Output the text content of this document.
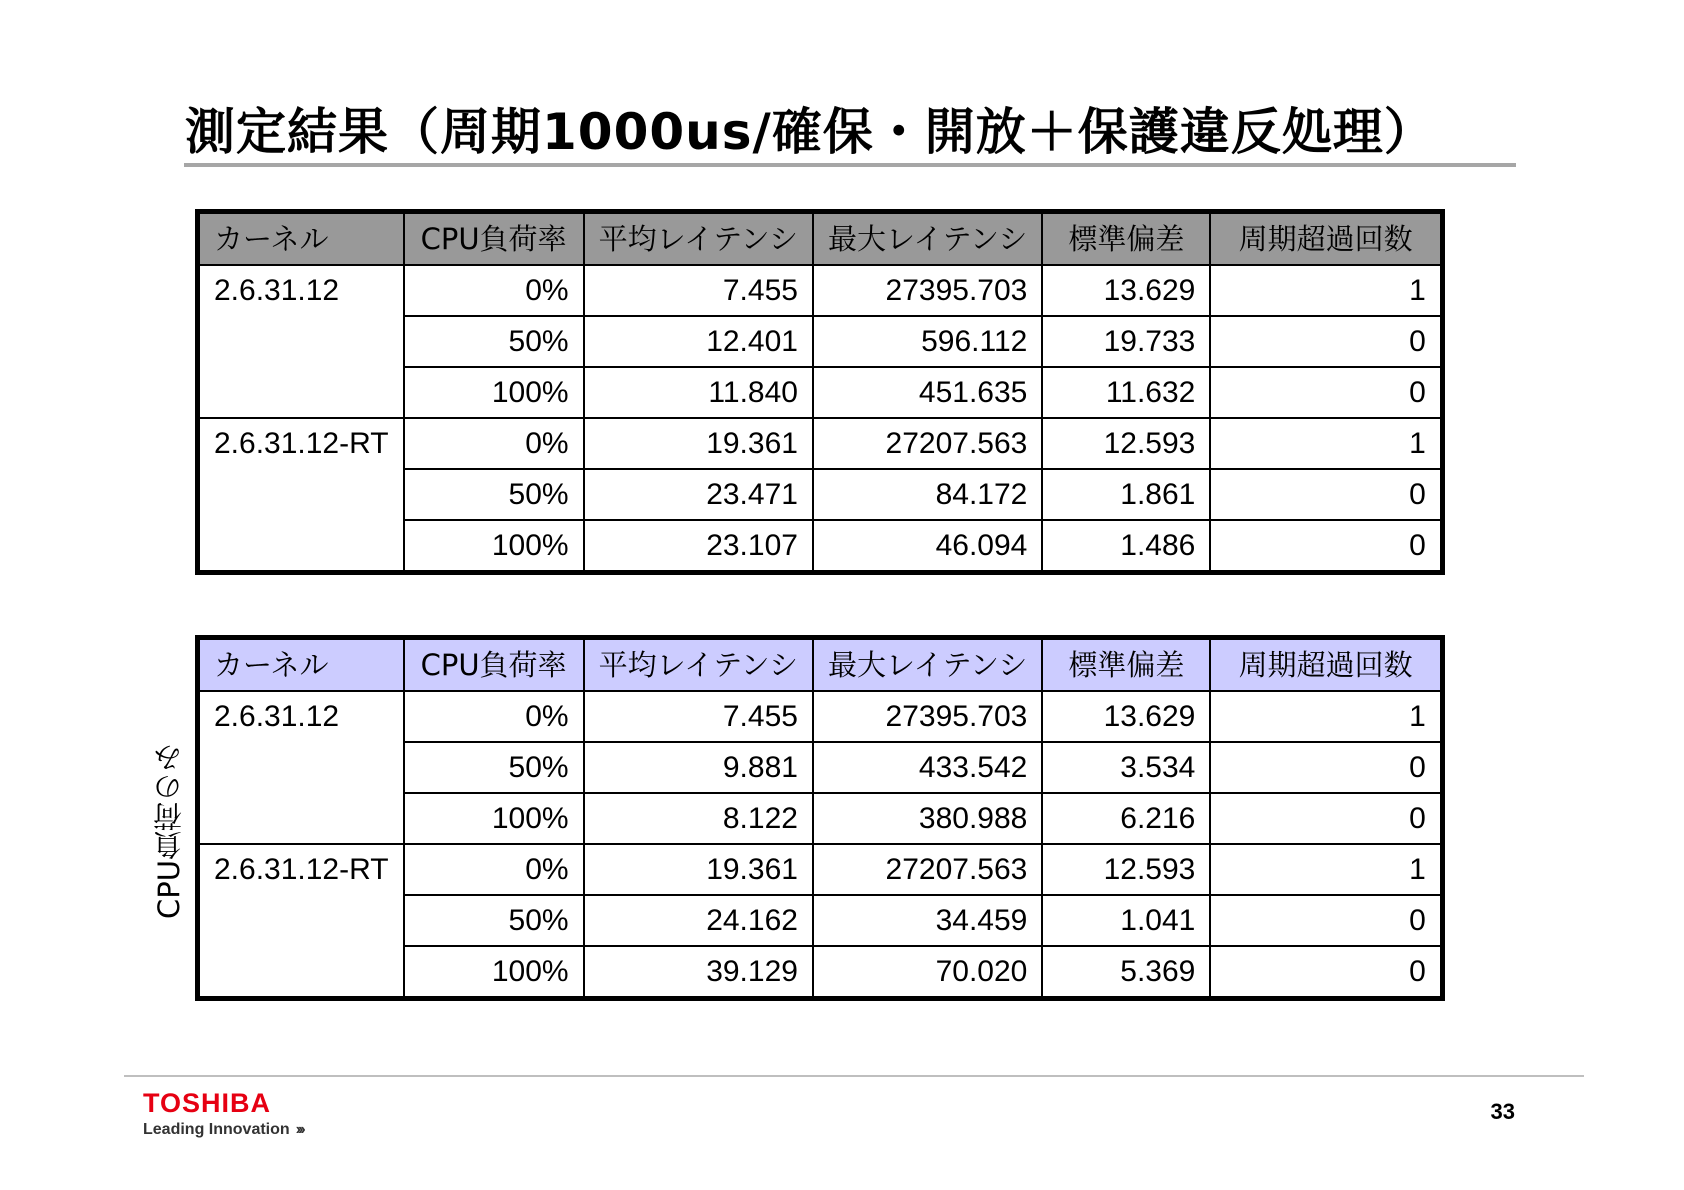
測定結果（周期1000us/確保・開放＋保護違反処理）
カーネル	CPU負荷率	平均レイテンシ	最大レイテンシ	標準偏差	周期超過回数
2.6.31.12	0%	7.455	27395.703	13.629	1
	50%	12.401	596.112	19.733	0
	100%	11.840	451.635	11.632	0
2.6.31.12-RT	0%	19.361	27207.563	12.593	1
	50%	23.471	84.172	1.861	0
	100%	23.107	46.094	1.486	0
CPU負荷のみ
カーネル	CPU負荷率	平均レイテンシ	最大レイテンシ	標準偏差	周期超過回数
2.6.31.12	0%	7.455	27395.703	13.629	1
	50%	9.881	433.542	3.534	0
	100%	8.122	380.988	6.216	0
2.6.31.12-RT	0%	19.361	27207.563	12.593	1
	50%	24.162	34.459	1.041	0
	100%	39.129	70.020	5.369	0
TOSHIBA
Leading Innovation ›››
33
